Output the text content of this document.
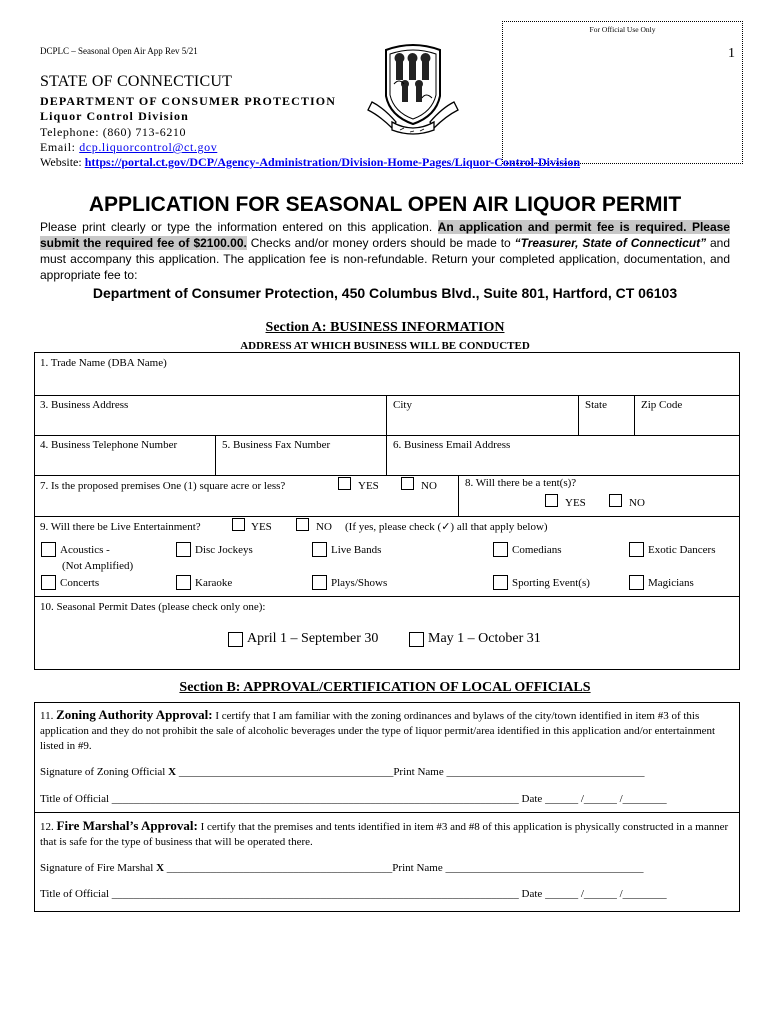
For Official Use Only
DCPLC – Seasonal Open Air App Rev 5/21	1
STATE OF CONNECTICUT
DEPARTMENT OF CONSUMER PROTECTION
Liquor Control Division
Telephone: (860) 713-6210
Email: dcp.liquorcontrol@ct.gov
Website: https://portal.ct.gov/DCP/Agency-Administration/Division-Home-Pages/Liquor-Control-Division
APPLICATION FOR SEASONAL OPEN AIR LIQUOR PERMIT
Please print clearly or type the information entered on this application. An application and permit fee is required. Please submit the required fee of $2100.00. Checks and/or money orders should be made to “Treasurer, State of Connecticut” and must accompany this application. The application fee is non-refundable. Return your completed application, documentation, and appropriate fee to:
Department of Consumer Protection, 450 Columbus Blvd., Suite 801, Hartford, CT 06103
Section A: BUSINESS INFORMATION
ADDRESS AT WHICH BUSINESS WILL BE CONDUCTED
1. Trade Name (DBA Name)
3. Business Address	City	State	Zip Code
4. Business Telephone Number	5. Business Fax Number	6. Business Email Address
7. Is the proposed premises One (1) square acre or less?	YES	NO	8. Will there be a tent(s)?
YES	NO
9. Will there be Live Entertainment?	YES	NO (If yes, please check (✓) all that apply below)
Acoustics -
(Not Amplified)
Disc Jockeys	Live Bands	Comedians	Exotic Dancers
Concerts	Karaoke	Plays/Shows	Sporting Event(s)	Magicians
10. Seasonal Permit Dates (please check only one):
April 1 – September 30	May 1 – October 31
Section B: APPROVAL/CERTIFICATION OF LOCAL OFFICIALS
11. Zoning Authority Approval: I certify that I am familiar with the zoning ordinances and bylaws of the city/town identified in item #3 of this application and they do not prohibit the sale of alcoholic beverages under the type of liquor permit/area identified in this application and/or entertainment listed in #9.
Signature of Zoning Official X _______________________________________Print Name ____________________________________
Title of Official __________________________________________________________________________ Date ______ /______ /________
12. Fire Marshal’s Approval: I certify that the premises and tents identified in item #3 and #8 of this application is physically constructed in a manner that is safe for the type of business that will be operated there.
Signature of Fire Marshal X _________________________________________Print Name ____________________________________
Title of Official __________________________________________________________________________ Date ______ /______ /________
